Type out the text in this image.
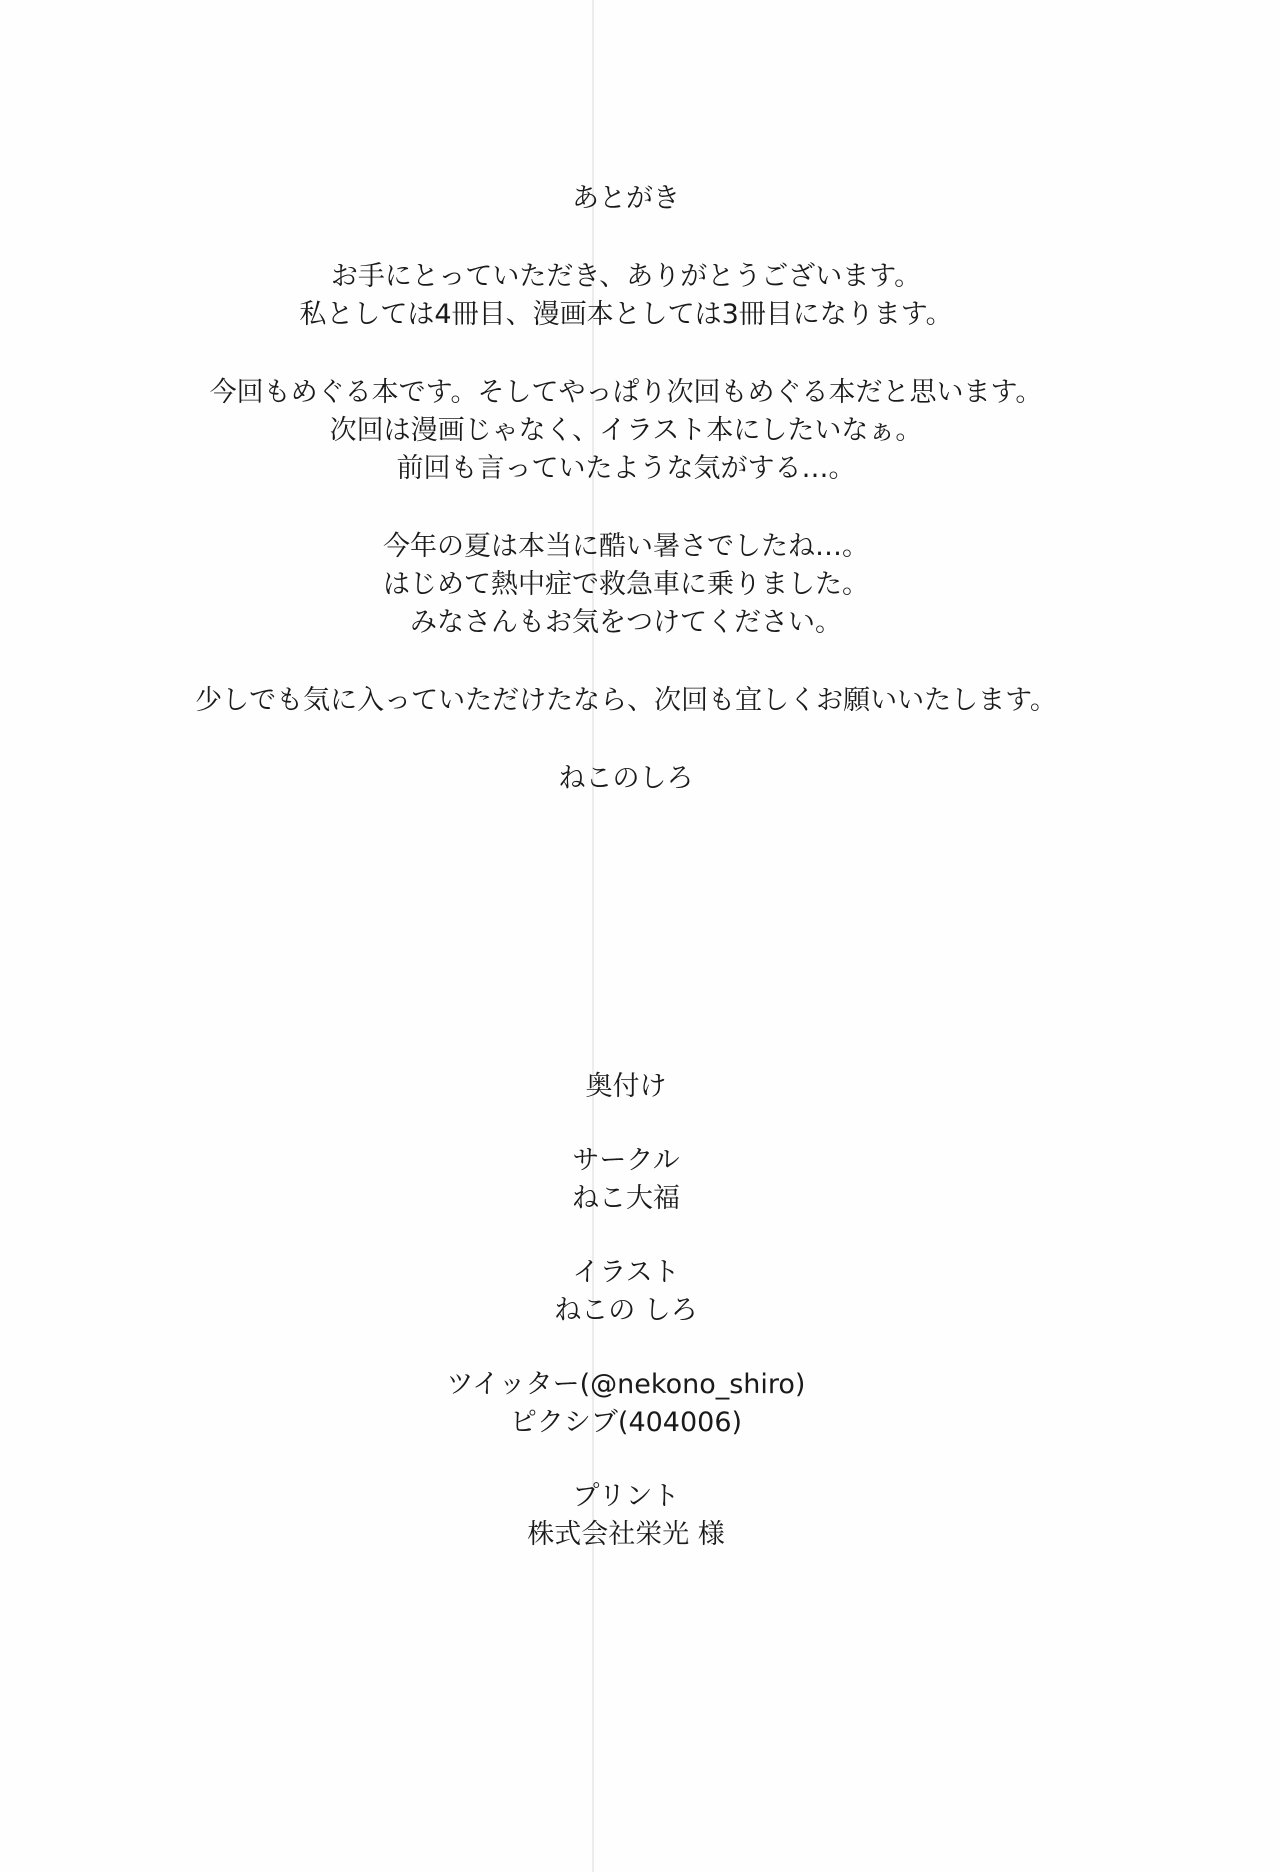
あとがき

お手にとっていただき、ありがとうございます。

私としては4冊目、漫画本としては3冊目になります。

今回もめぐる本です。そしてやっぱり次回もめぐる本だと思います。

次回は漫画じゃなく、イラスト本にしたいなぁ。

前回も言っていたような気がする…。

今年の夏は本当に酷い暑さでしたね…。

はじめて熱中症で救急車に乗りました。

みなさんもお気をつけてください。

少しでも気に入っていただけたなら、次回も宜しくお願いいたします。

ねこのしろ

奥付け

サークル

ねこ大福

イラスト

ねこの しろ

ツイッター(@nekono_shiro)

ピクシブ(404006)

プリント

株式会社栄光 様
